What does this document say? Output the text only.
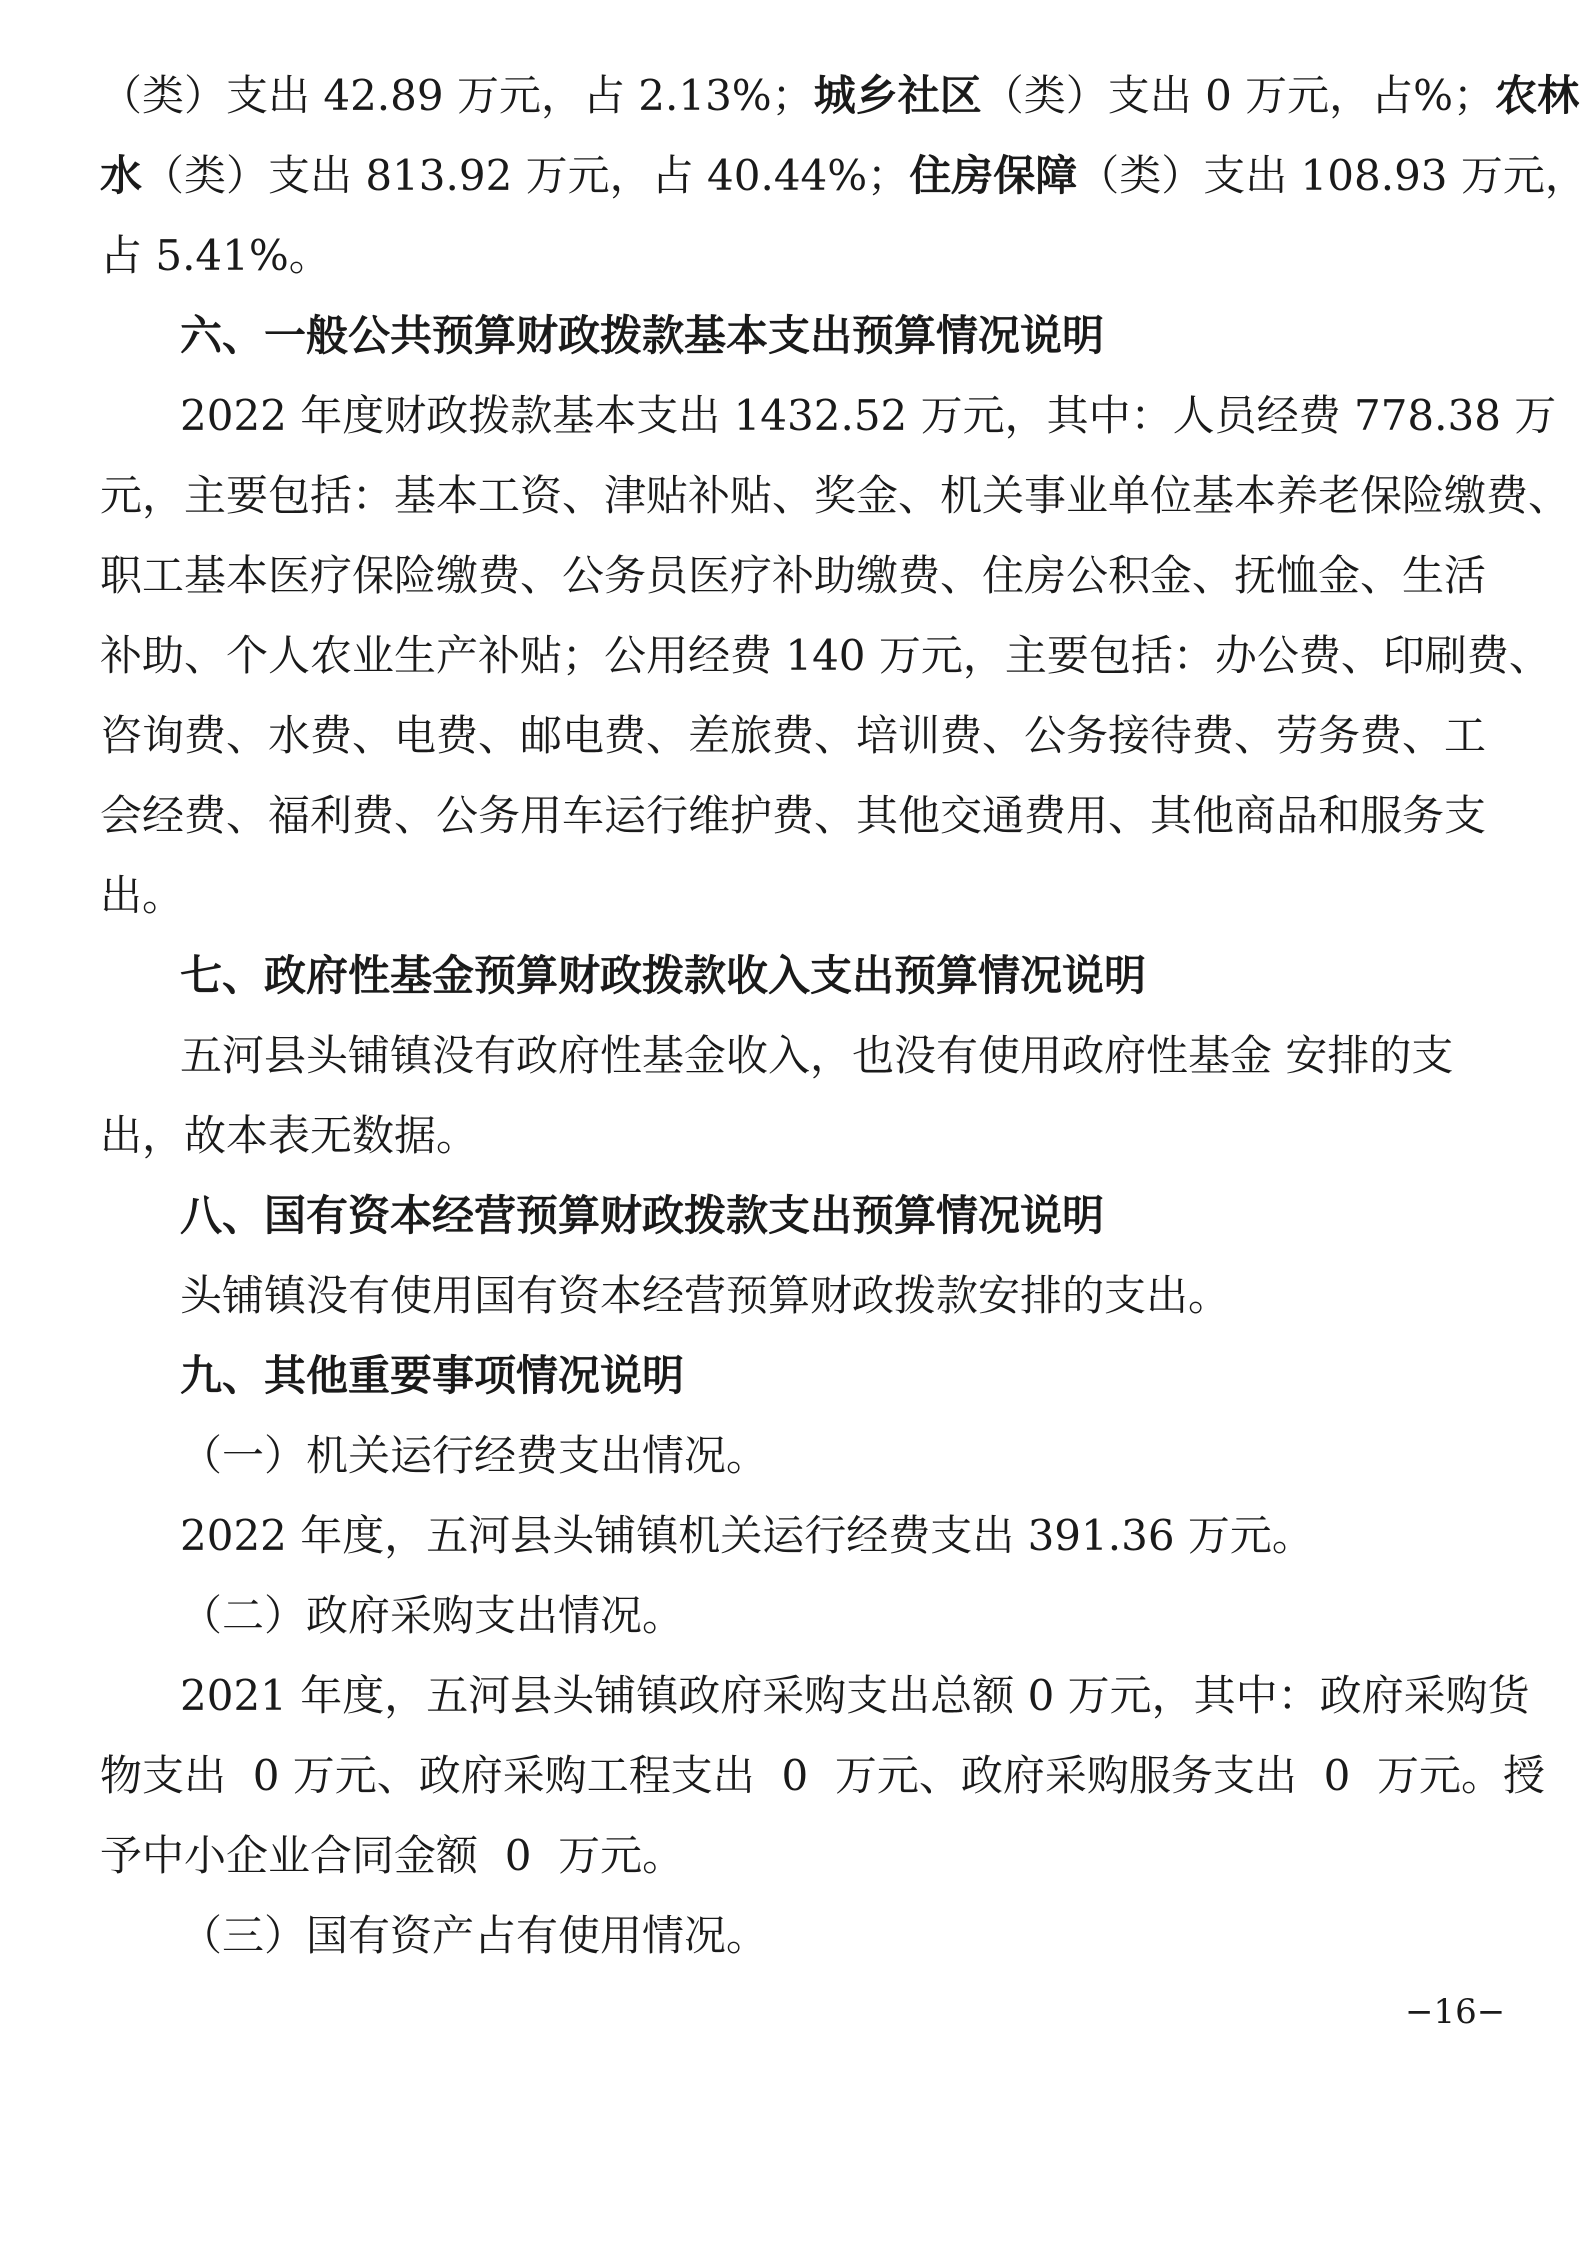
（类）支出 42.89 万元，占 2.13%；城乡社区（类）支出 0 万元，占%；农林
水（类）支出 813.92 万元，占 40.44%；住房保障（类）支出 108.93 万元，
占 5.41%。
六、一般公共预算财政拨款基本支出预算情况说明
2022 年度财政拨款基本支出 1432.52 万元，其中：人员经费 778.38 万
元，主要包括：基本工资、津贴补贴、奖金、机关事业单位基本养老保险缴费、
职工基本医疗保险缴费、公务员医疗补助缴费、住房公积金、抚恤金、生活
补助、个人农业生产补贴；公用经费 140 万元，主要包括：办公费、印刷费、
咨询费、水费、电费、邮电费、差旅费、培训费、公务接待费、劳务费、工
会经费、福利费、公务用车运行维护费、其他交通费用、其他商品和服务支
出。
七、政府性基金预算财政拨款收入支出预算情况说明
五河县头铺镇没有政府性基金收入，也没有使用政府性基金 安排的支
出，故本表无数据。
八、国有资本经营预算财政拨款支出预算情况说明
头铺镇没有使用国有资本经营预算财政拨款安排的支出。
九、其他重要事项情况说明
（一）机关运行经费支出情况。
2022 年度，五河县头铺镇机关运行经费支出 391.36 万元。
（二）政府采购支出情况。
2021 年度，五河县头铺镇政府采购支出总额 0 万元，其中：政府采购货
物支出  0 万元、政府采购工程支出  0  万元、政府采购服务支出  0  万元。授
予中小企业合同金额  0  万元。
（三）国有资产占有使用情况。
−16−
